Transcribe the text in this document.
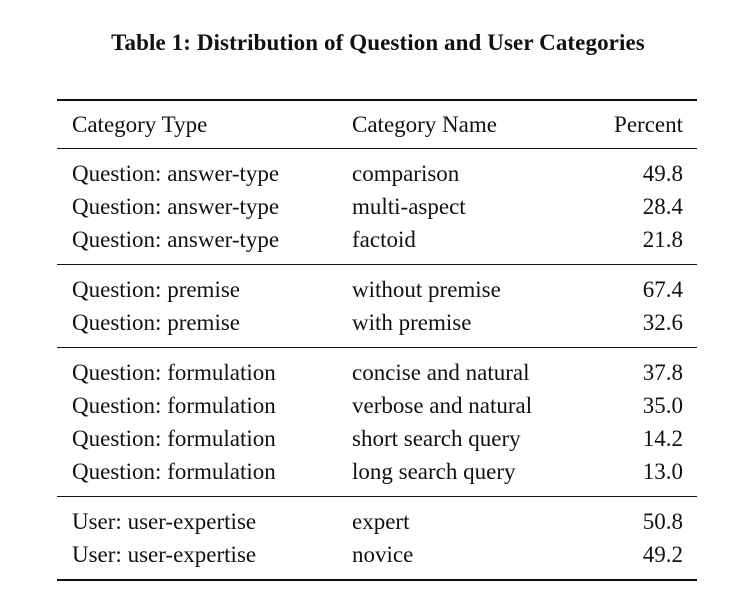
Table 1: Distribution of Question and User Categories
Category Type	Category Name	Percent
Question: answer-type	comparison	49.8
Question: answer-type	multi-aspect	28.4
Question: answer-type	factoid	21.8
Question: premise	without premise	67.4
Question: premise	with premise	32.6
Question: formulation	concise and natural	37.8
Question: formulation	verbose and natural	35.0
Question: formulation	short search query	14.2
Question: formulation	long search query	13.0
User: user-expertise	expert	50.8
User: user-expertise	novice	49.2
